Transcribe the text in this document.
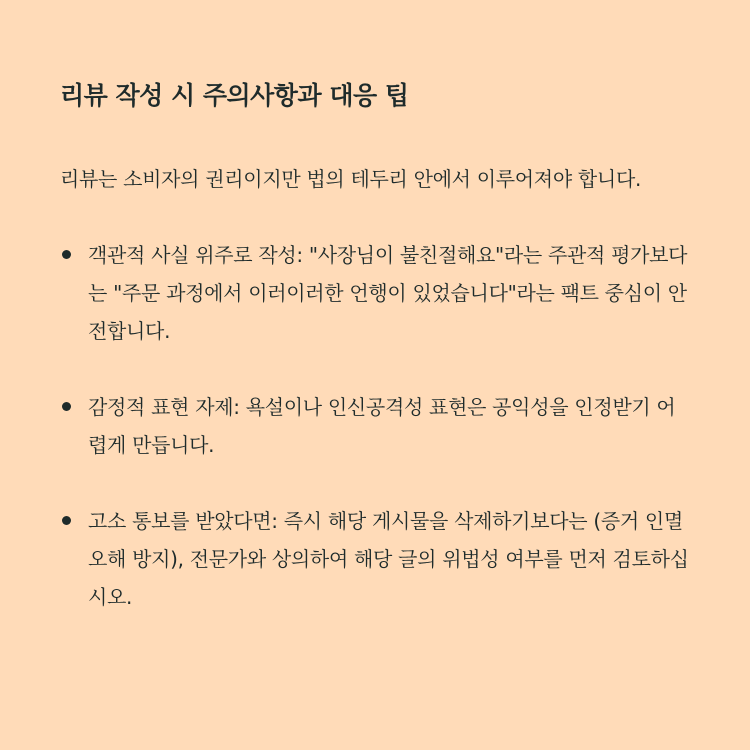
리뷰 작성 시 주의사항과 대응 팁

리뷰는 소비자의 권리이지만 법의 테두리 안에서 이루어져야 합니다.

객관적 사실 위주로 작성: "사장님이 불친절해요"라는 주관적 평가보다는 "주문 과정에서 이러이러한 언행이 있었습니다"라는 팩트 중심이 안전합니다.
감정적 표현 자제: 욕설이나 인신공격성 표현은 공익성을 인정받기 어렵게 만듭니다.
고소 통보를 받았다면: 즉시 해당 게시물을 삭제하기보다는 (증거 인멸 오해 방지), 전문가와 상의하여 해당 글의 위법성 여부를 먼저 검토하십시오.
